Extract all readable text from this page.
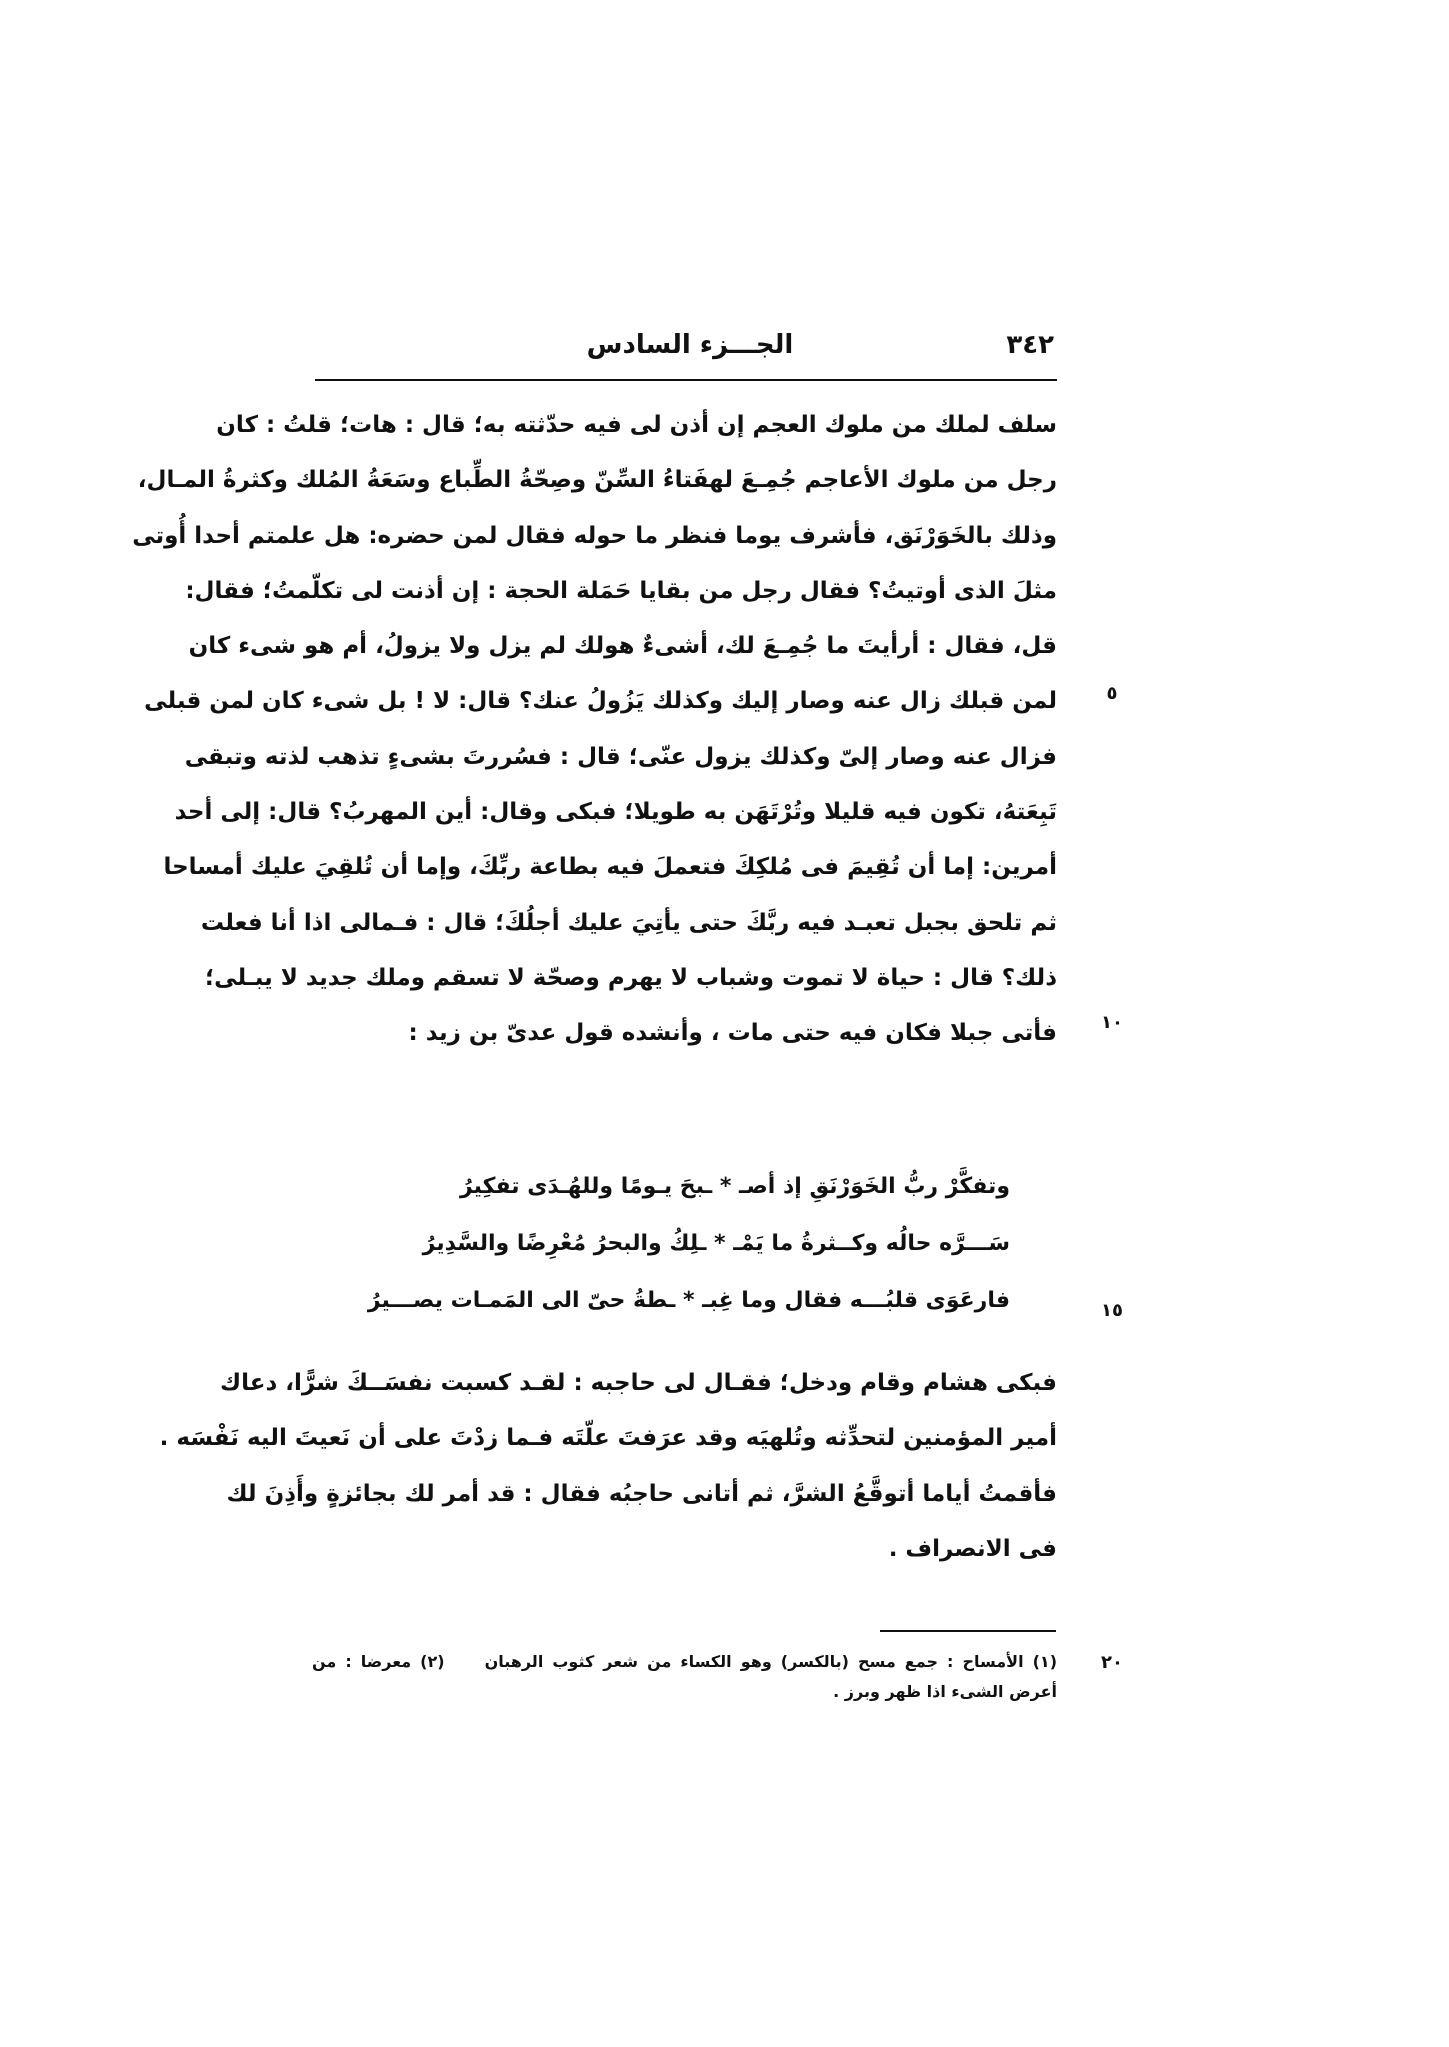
الجـــزء السادس	٣٤٢
سلف لملك من ملوك العجم إن أذن لى فيه حدّثته به؛ قال : هات؛ قلتُ : كان
رجل من ملوك الأعاجم جُمِـعَ لهفَتاءُ السِّنّ وصِحّةُ الطِّباع وسَعَةُ المُلك وكثرةُ المـال،
وذلك بالخَوَرْنَق، فأشرف يوما فنظر ما حوله فقال لمن حضره: هل علمتم أحدا أُوتى
مثلَ الذى أوتيتُ؟ فقال رجل من بقايا حَمَلة الحجة : إن أذنت لى تكلّمتُ؛ فقال:
قل، فقال : أرأيتَ ما جُمِـعَ لك، أشىءٌ هولك لم يزل ولا يزولُ، أم هو شىء كان
لمن قبلك زال عنه وصار إليك وكذلك يَزُولُ عنك؟ قال: لا ! بل شىء كان لمن قبلى
فزال عنه وصار إلىّ وكذلك يزول عنّى؛ قال : فسُررتَ بشىءٍ تذهب لذته وتبقى
تَبِعَتهُ، تكون فيه قليلا وتُرْتَهَن به طويلا؛ فبكى وقال: أين المهربُ؟ قال: إلى أحد
أمرين: إما أن تُقِيمَ فى مُلكِكَ فتعملَ فيه بطاعة ربِّكَ، وإما أن تُلقِيَ عليك أمساحا
ثم تلحق بجبل تعبـد فيه ربَّكَ حتى يأتِيَ عليك أجلُكَ؛ قال : فـمالى اذا أنا فعلت
ذلك؟ قال : حياة لا تموت وشباب لا يهرم وصحّة لا تسقم وملك جديد لا يبـلى؛
فأتى جبلا فكان فيه حتى مات ، وأنشده قول عدىّ بن زيد :
وتفكَّرْ ربُّ الخَوَرْنَقِ إذ أصـ * ـبحَ يـومًا وللهُـدَى تفكِيرُ
سَـــرَّه حالُه وكــثرةُ ما يَمْـ * ـلِكُ والبحرُ مُعْرِضًا والسَّدِيرُ
فارعَوَى قلبُـــه فقال وما غِبـ * ـطةُ حىّ الى المَمـات يصـــيرُ
فبكى هشام وقام ودخل؛ فقـال لى حاجبه : لقـد كسبت نفسَــكَ شرًّا، دعاك
أمير المؤمنين لتحدِّثه وتُلهيَه وقد عرَفتَ علّتَه فـما زدْتَ على أن نَعيتَ اليه نَفْسَه .
فأقمتُ أياما أتوقَّعُ الشرَّ، ثم أتانى حاجبُه فقال : قد أمر لك بجائزةٍ وأَذِنَ لك
فى الانصراف .
٥
١٠
١٥
٢٠
(١) الأمساح : جمع مسح (بالكسر) وهو الكساء من شعر كثوب الرهبان(٢) معرضا : من
أعرض الشىء اذا ظهر وبرز .
